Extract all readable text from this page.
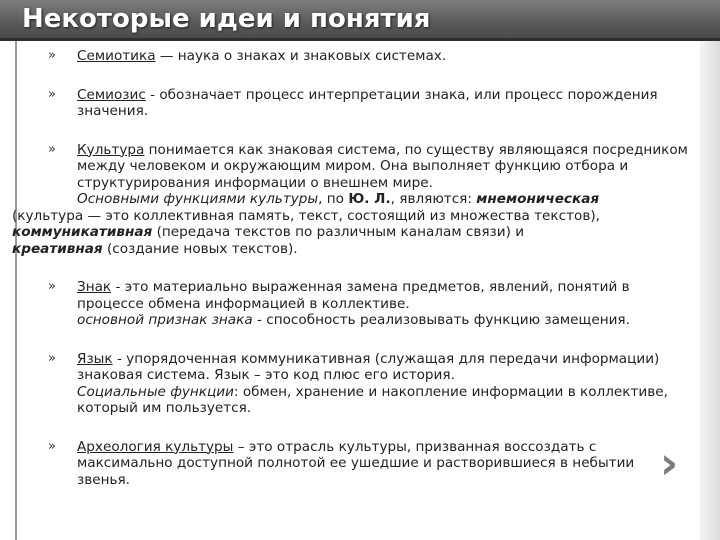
Некоторые идеи и понятия
»	Семиотика — наука о знаках и знаковых системах.
»	Семиозис - обозначает процесс интерпретации знака, или процесс порождения значения.
»	Культура понимается как знаковая система, по существу являющаяся посредником между человеком и окружающим миром. Она выполняет функцию отбора и структурирования информации о внешнем мире.
Основными функциями культуры, по Ю. Л., являются: мнемоническая
(культура — это коллективная память, текст, состоящий из множества текстов),
коммуникативная (передача текстов по различным каналам связи) и
креативная (создание новых текстов).
»	Знак - это материально выраженная замена предметов, явлений, понятий в процессе обмена информацией в коллективе.
основной признак знака - способность реализовывать функцию замещения.
»	Язык - упорядоченная коммуникативная (служащая для передачи информации) знаковая система. Язык – это код плюс его история.
Социальные функции: обмен, хранение и накопление информации в коллективе, который им пользуется.
»	Археология культуры – это отрасль культуры, призванная воссоздать с максимально доступной полнотой ее ушедшие и растворившиеся в небытии звенья.	›
